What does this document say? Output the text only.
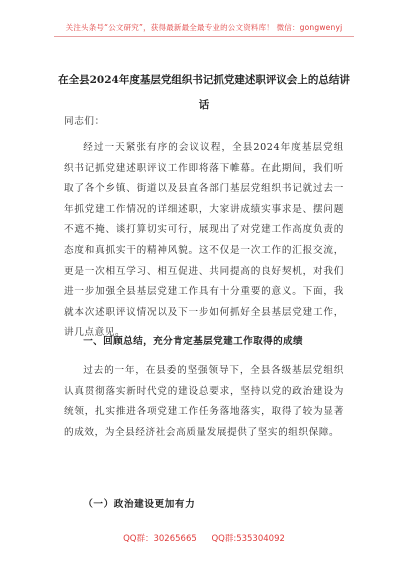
关注头条号“公文研究”，获得最新最全最专业的公文资料库！ 微信：gongwenyj
在全县2024年度基层党组织书记抓党建述职评议会上的总结讲话
同志们：
经过一天紧张有序的会议议程，全县2024年度基层党组织书记抓党建述职评议工作即将落下帷幕。在此期间，我们听取了各个乡镇、街道以及县直各部门基层党组织书记就过去一年抓党建工作情况的详细述职，大家讲成绩实事求是、摆问题不遮不掩、谈打算切实可行，展现出了对党建工作高度负责的态度和真抓实干的精神风貌。这不仅是一次工作的汇报交流，更是一次相互学习、相互促进、共同提高的良好契机，对我们进一步加强全县基层党建工作具有十分重要的意义。下面，我就本次述职评议情况以及下一步如何抓好全县基层党建工作，讲几点意见。
一、回顾总结，充分肯定基层党建工作取得的成绩
过去的一年，在县委的坚强领导下，全县各级基层党组织认真贯彻落实新时代党的建设总要求，坚持以党的政治建设为统领，扎实推进各项党建工作任务落地落实，取得了较为显著的成效，为全县经济社会高质量发展提供了坚实的组织保障。
（一）政治建设更加有力
QQ群：30265665 QQ群:535304092
